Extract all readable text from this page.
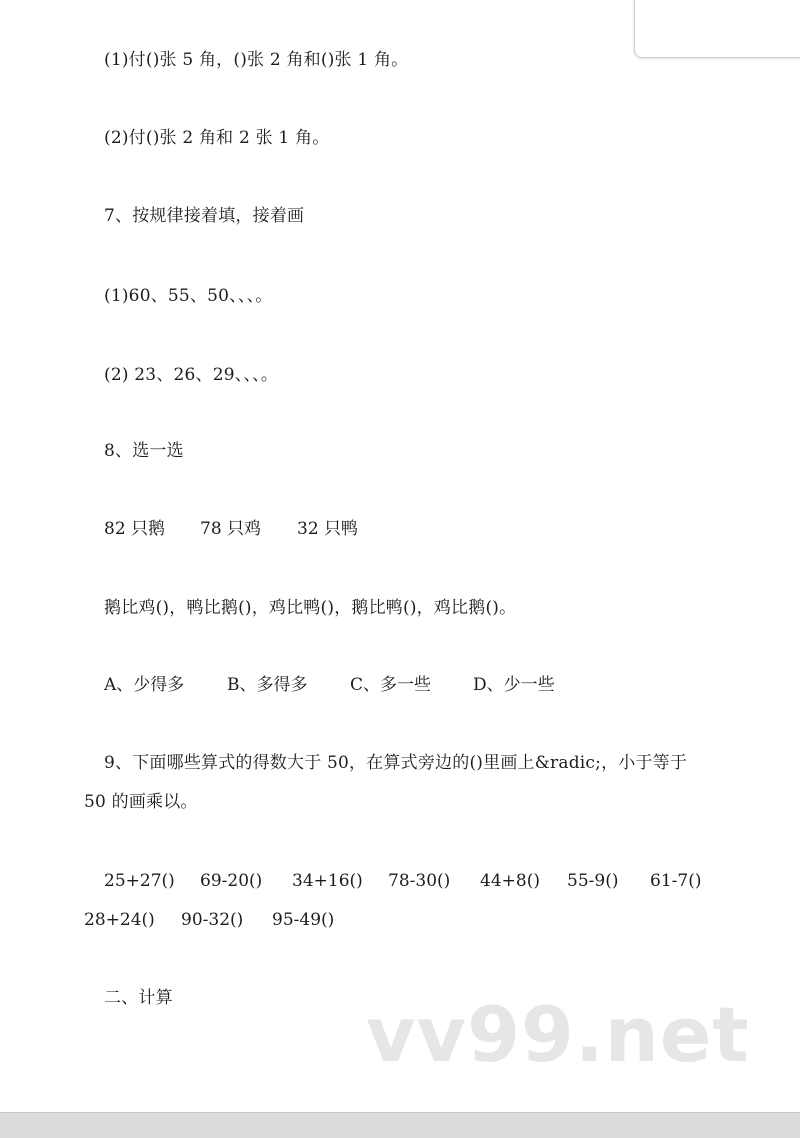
(1)付()张 5 角，()张 2 角和()张 1 角。
(2)付()张 2 角和 2 张 1 角。
7、按规律接着填，接着画
(1)60、55、50、、、。
(2) 23、26、29、、、。
8、选一选
82 只鹅 78 只鸡 32 只鸭
鹅比鸡()，鸭比鹅()，鸡比鸭()，鹅比鸭()，鸡比鹅()。
A、少得多	B、多得多	C、多一些 D、少一些
9、下面哪些算式的得数大于 50，在算式旁边的()里画上&radic;，小于等于
50 的画乘以。
25+27() 69-20() 34+16() 78-30() 44+8() 55-9() 61-7()
28+24() 90-32() 95-49()
二、计算	vv99.net
